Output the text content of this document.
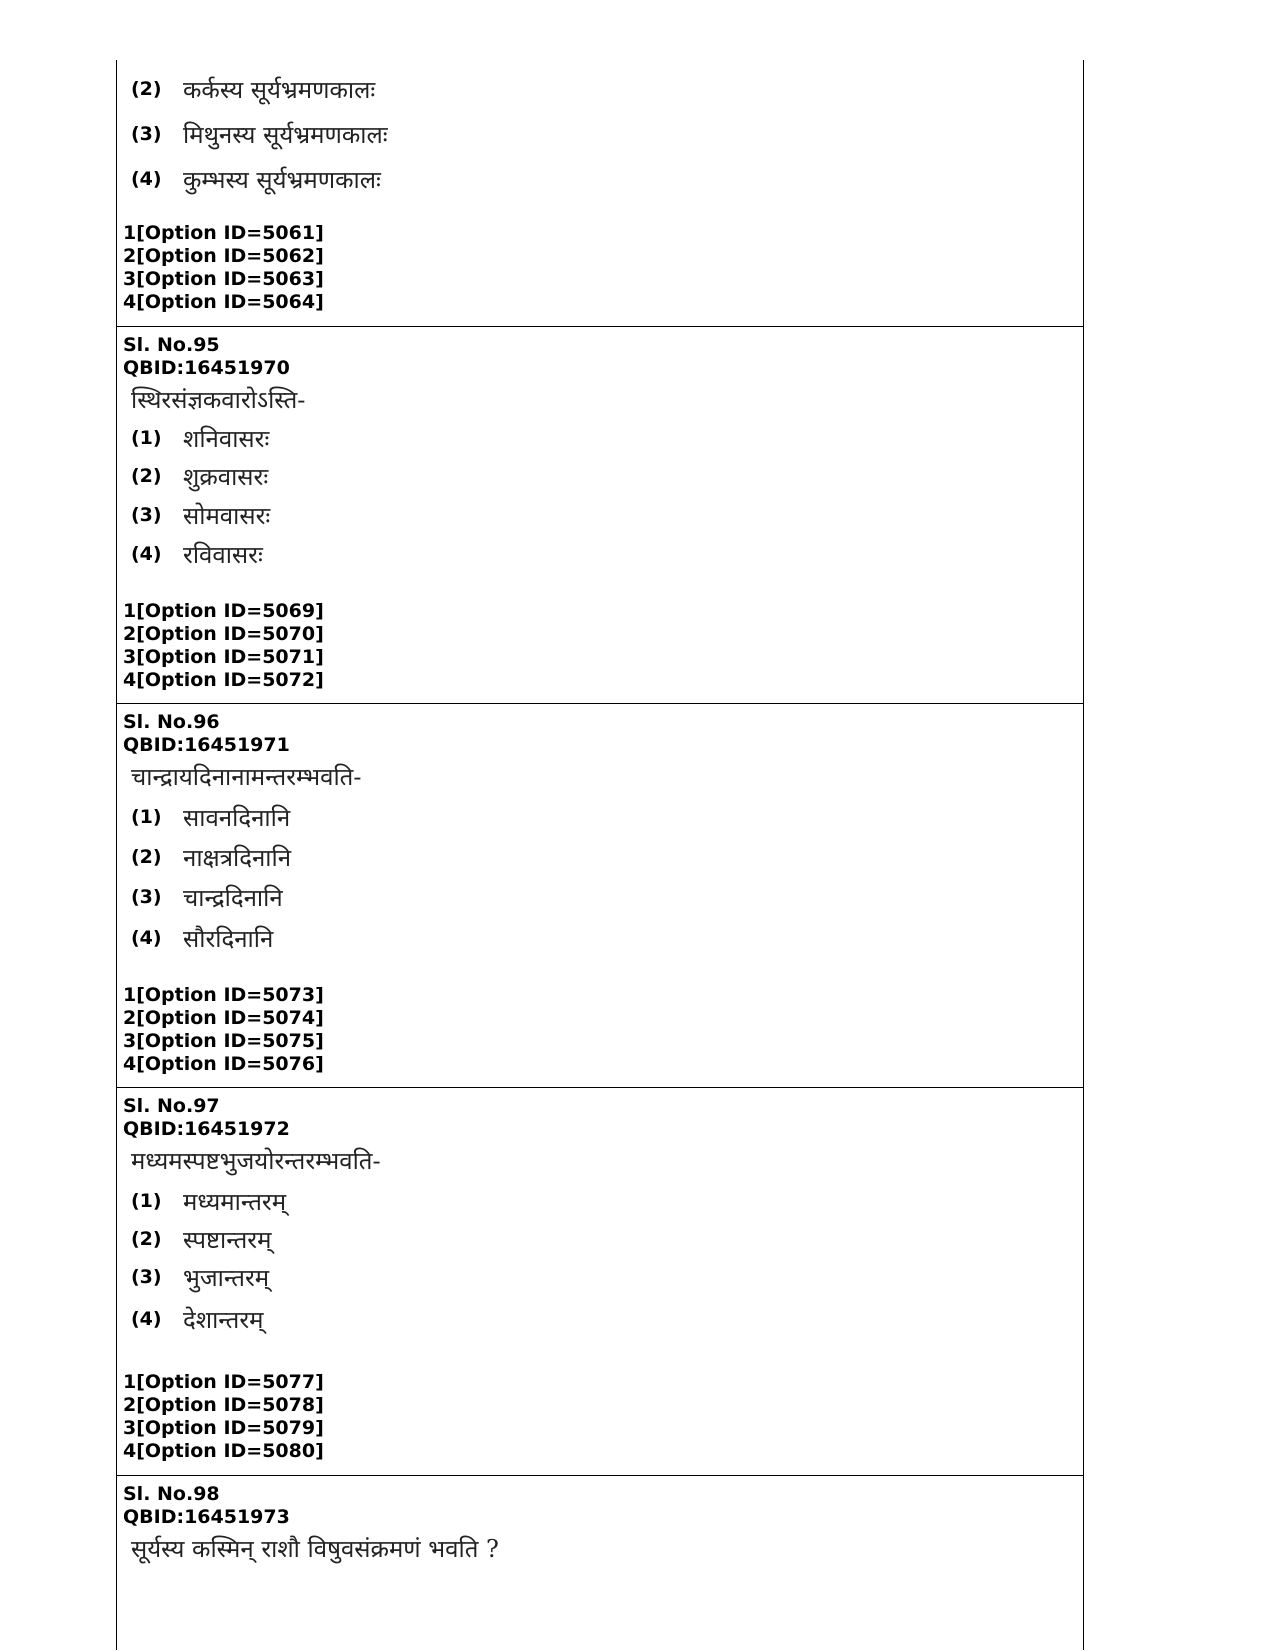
(2) कर्कस्य सूर्यभ्रमणकालः
(3) मिथुनस्य सूर्यभ्रमणकालः
(4) कुम्भस्य सूर्यभ्रमणकालः
1[Option ID=5061]
2[Option ID=5062]
3[Option ID=5063]
4[Option ID=5064]
Sl. No.95
QBID:16451970
स्थिरसंज्ञकवारोऽस्ति-
(1) शनिवासरः
(2) शुक्रवासरः
(3) सोमवासरः
(4) रविवासरः
1[Option ID=5069]
2[Option ID=5070]
3[Option ID=5071]
4[Option ID=5072]
Sl. No.96
QBID:16451971
चान्द्रायदिनानामन्तरम्भवति-
(1) सावनदिनानि
(2) नाक्षत्रदिनानि
(3) चान्द्रदिनानि
(4) सौरदिनानि
1[Option ID=5073]
2[Option ID=5074]
3[Option ID=5075]
4[Option ID=5076]
Sl. No.97
QBID:16451972
मध्यमस्पष्टभुजयोरन्तरम्भवति-
(1) मध्यमान्तरम्
(2) स्पष्टान्तरम्
(3) भुजान्तरम्
(4) देशान्तरम्
1[Option ID=5077]
2[Option ID=5078]
3[Option ID=5079]
4[Option ID=5080]
Sl. No.98
QBID:16451973
सूर्यस्य कस्मिन् राशौ विषुवसंक्रमणं भवति ?
